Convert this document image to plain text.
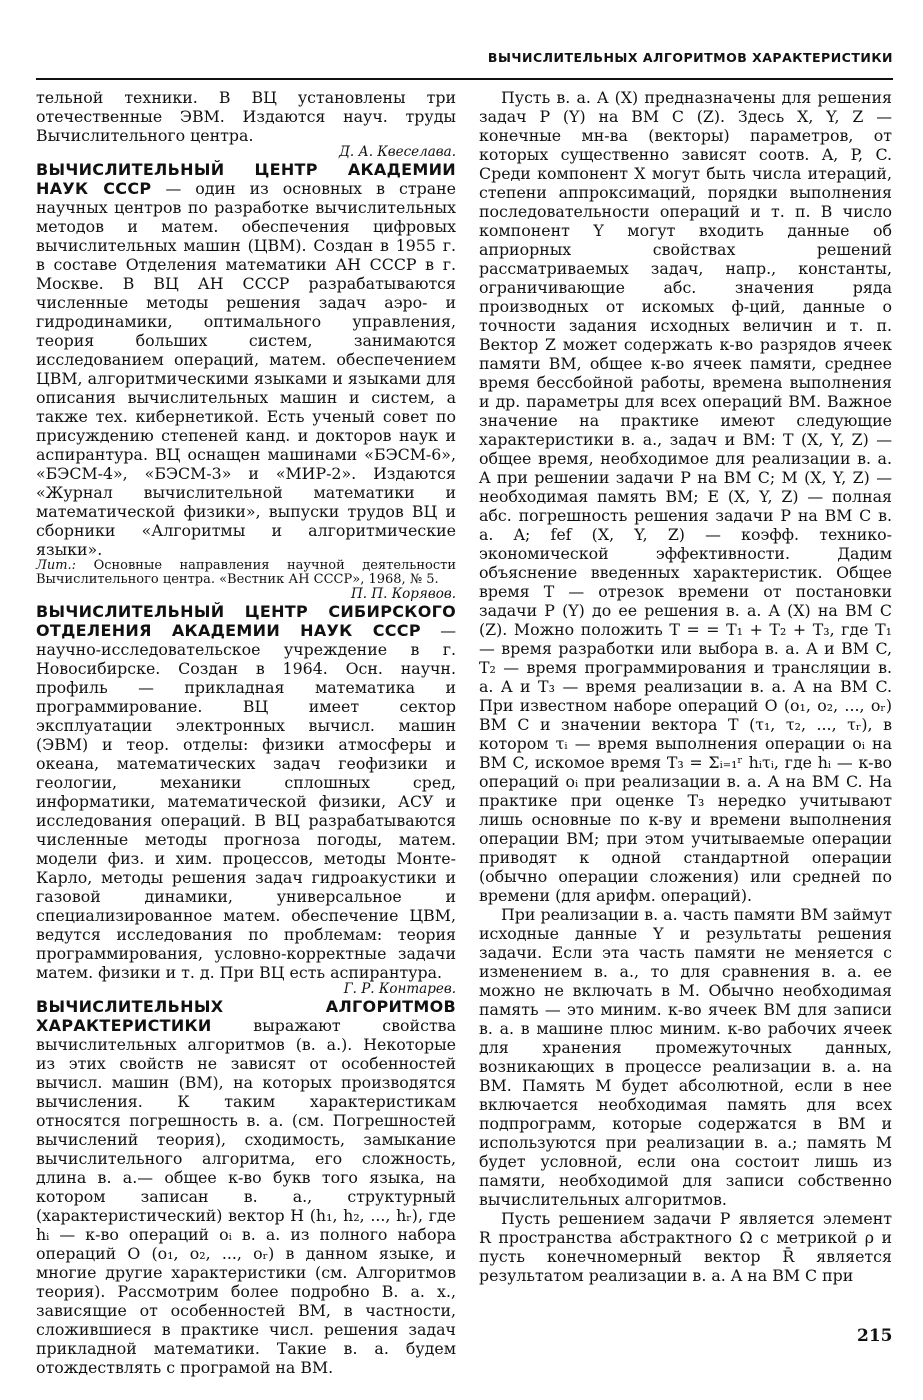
ВЫЧИСЛИТЕЛЬНЫХ АЛГОРИТМОВ ХАРАКТЕРИСТИКИ

тельной техники. В ВЦ установлены три отечественные ЭВМ. Издаются науч. труды Вычислительного центра.
Д. А. Квеселава.

ВЫЧИСЛИТЕЛЬНЫЙ ЦЕНТР АКАДЕМИИ НАУК СССР — один из основных в стране научных центров по разработке вычислительных методов и матем. обеспечения цифровых вычислительных машин (ЦВМ). Создан в 1955 г. в составе Отделения математики АН СССР в г. Москве. В ВЦ АН СССР разрабатываются численные методы решения задач аэро- и гидродинамики, оптимального управления, теория больших систем, занимаются исследованием операций, матем. обеспечением ЦВМ, алгоритмическими языками и языками для описания вычислительных машин и систем, а также тех. кибернетикой. Есть ученый совет по присуждению степеней канд. и докторов наук и аспирантура. ВЦ оснащен машинами «БЭСМ-6», «БЭСМ-4», «БЭСМ-3» и «МИР-2». Издаются «Журнал вычислительной математики и математической физики», выпуски трудов ВЦ и сборники «Алгоритмы и алгоритмические языки».

Лит.: Основные направления научной деятельности Вычислительного центра. «Вестник АН СССР», 1968, № 5.
П. П. Корявов.

ВЫЧИСЛИТЕЛЬНЫЙ ЦЕНТР СИБИРСКОГО ОТДЕЛЕНИЯ АКАДЕМИИ НАУК СССР — научно-исследовательское учреждение в г. Новосибирске. Создан в 1964. Осн. научн. профиль — прикладная математика и программирование. ВЦ имеет сектор эксплуатации электронных вычисл. машин (ЭВМ) и теор. отделы: физики атмосферы и океана, математических задач геофизики и геологии, механики сплошных сред, информатики, математической физики, АСУ и исследования операций. В ВЦ разрабатываются численные методы прогноза погоды, матем. модели физ. и хим. процессов, методы Монте-Карло, методы решения задач гидроакустики и газовой динамики, универсальное и специализированное матем. обеспечение ЦВМ, ведутся исследования по проблемам: теория программирования, условно-корректные задачи матем. физики и т. д. При ВЦ есть аспирантура.
Г. Р. Контарев.

ВЫЧИСЛИТЕЛЬНЫХ АЛГОРИТМОВ ХАРАКТЕРИСТИКИ	выражают свойства вычислительных алгоритмов (в. а.). Некоторые из этих свойств не зависят от особенностей вычисл. машин (ВМ), на которых производятся вычисления. К таким характеристикам относятся погрешность в. а. (см. Погрешностей вычислений теория), сходимость, замыкание вычислительного алгоритма, его сложность, длина в. а.— общее к-во букв того языка, на котором записан в. а., структурный (характеристический) вектор H (h₁, h₂, ..., hᵣ), где hᵢ — к-во операций oᵢ в. а. из полного набора операций O (o₁, o₂, ..., oᵣ) в данном языке, и многие другие характеристики (см. Алгоритмов теория). Рассмотрим более подробно В. а. х., зависящие от особенностей ВМ, в частности, сложившиеся в практике числ. решения задач прикладной математики. Такие в. а. будем отождествлять с програмой на ВМ.

Пусть в. а. A (X) предназначены для решения задач P (Y) на ВМ C (Z). Здесь X, Y, Z — конечные мн-ва (векторы) параметров, от которых существенно зависят соотв. A, P, C. Среди компонент X могут быть числа итераций, степени аппроксимаций, порядки выполнения последовательности операций и т. п. В число компонент Y могут входить данные об априорных свойствах решений рассматриваемых задач, напр., константы, ограничивающие абс. значения ряда производных от искомых ф-ций, данные о точности задания исходных величин и т. п. Вектор Z может содержать к-во разрядов ячеек памяти ВМ, общее к-во ячеек памяти, среднее время бессбойной работы, времена выполнения и др. параметры для всех операций ВМ. Важное значение на практике имеют следующие характеристики в. а., задач и ВМ: T (X, Y, Z) — общее время, необходимое для реализации в. а. A при решении задачи P на ВМ C; M (X, Y, Z) — необходимая память ВМ; E (X, Y, Z) — полная абс. погрешность решения задачи P на ВМ C в. а. A; fef (X, Y, Z) — коэфф. технико-экономической эффективности. Дадим объяснение введенных характеристик. Общее время T — отрезок времени от постановки задачи P (Y) до ее решения в. а. A (X) на ВМ C (Z). Можно положить T = = T₁ + T₂ + T₃, где T₁ — время разработки или выбора в. а. A и ВМ C, T₂ — время программирования и трансляции в. а. A и T₃ — время реализации в. а. A на ВМ C. При известном наборе операций O (o₁, o₂, ..., oᵣ) ВМ C и значении вектора Т (τ₁, τ₂, ..., τᵣ), в котором τᵢ — время выполнения операции oᵢ на ВМ C, искомое время T₃ = Σᵢ₌₁ʳ hᵢτᵢ, где hᵢ — к-во операций oᵢ при реализации в. а. A на ВМ C. На практике при оценке T₃ нередко учитывают лишь основные по к-ву и времени выполнения операции ВМ; при этом учитываемые операции приводят к одной стандартной операции (обычно операции сложения) или средней по времени (для арифм. операций).

При реализации в. а. часть памяти ВМ займут исходные данные Y и результаты решения задачи. Если эта часть памяти не меняется с изменением в. а., то для сравнения в. а. ее можно не включать в M. Обычно необходимая память — это миним. к-во ячеек ВМ для записи в. а. в машине плюс миним. к-во рабочих ячеек для хранения промежуточных данных, возникающих в процессе реализации в. а. на ВМ. Память M будет абсолютной, если в нее включается необходимая память для всех подпрограмм, которые содержатся в ВМ и используются при реализации в. а.; память M будет условной, если она состоит лишь из памяти, необходимой для записи собственно вычислительных алгоритмов.

Пусть решением задачи P является элемент R пространства абстрактного Ω с метрикой ρ и пусть конечномерный вектор R̄ является результатом реализации в. а. A на ВМ C при

215
